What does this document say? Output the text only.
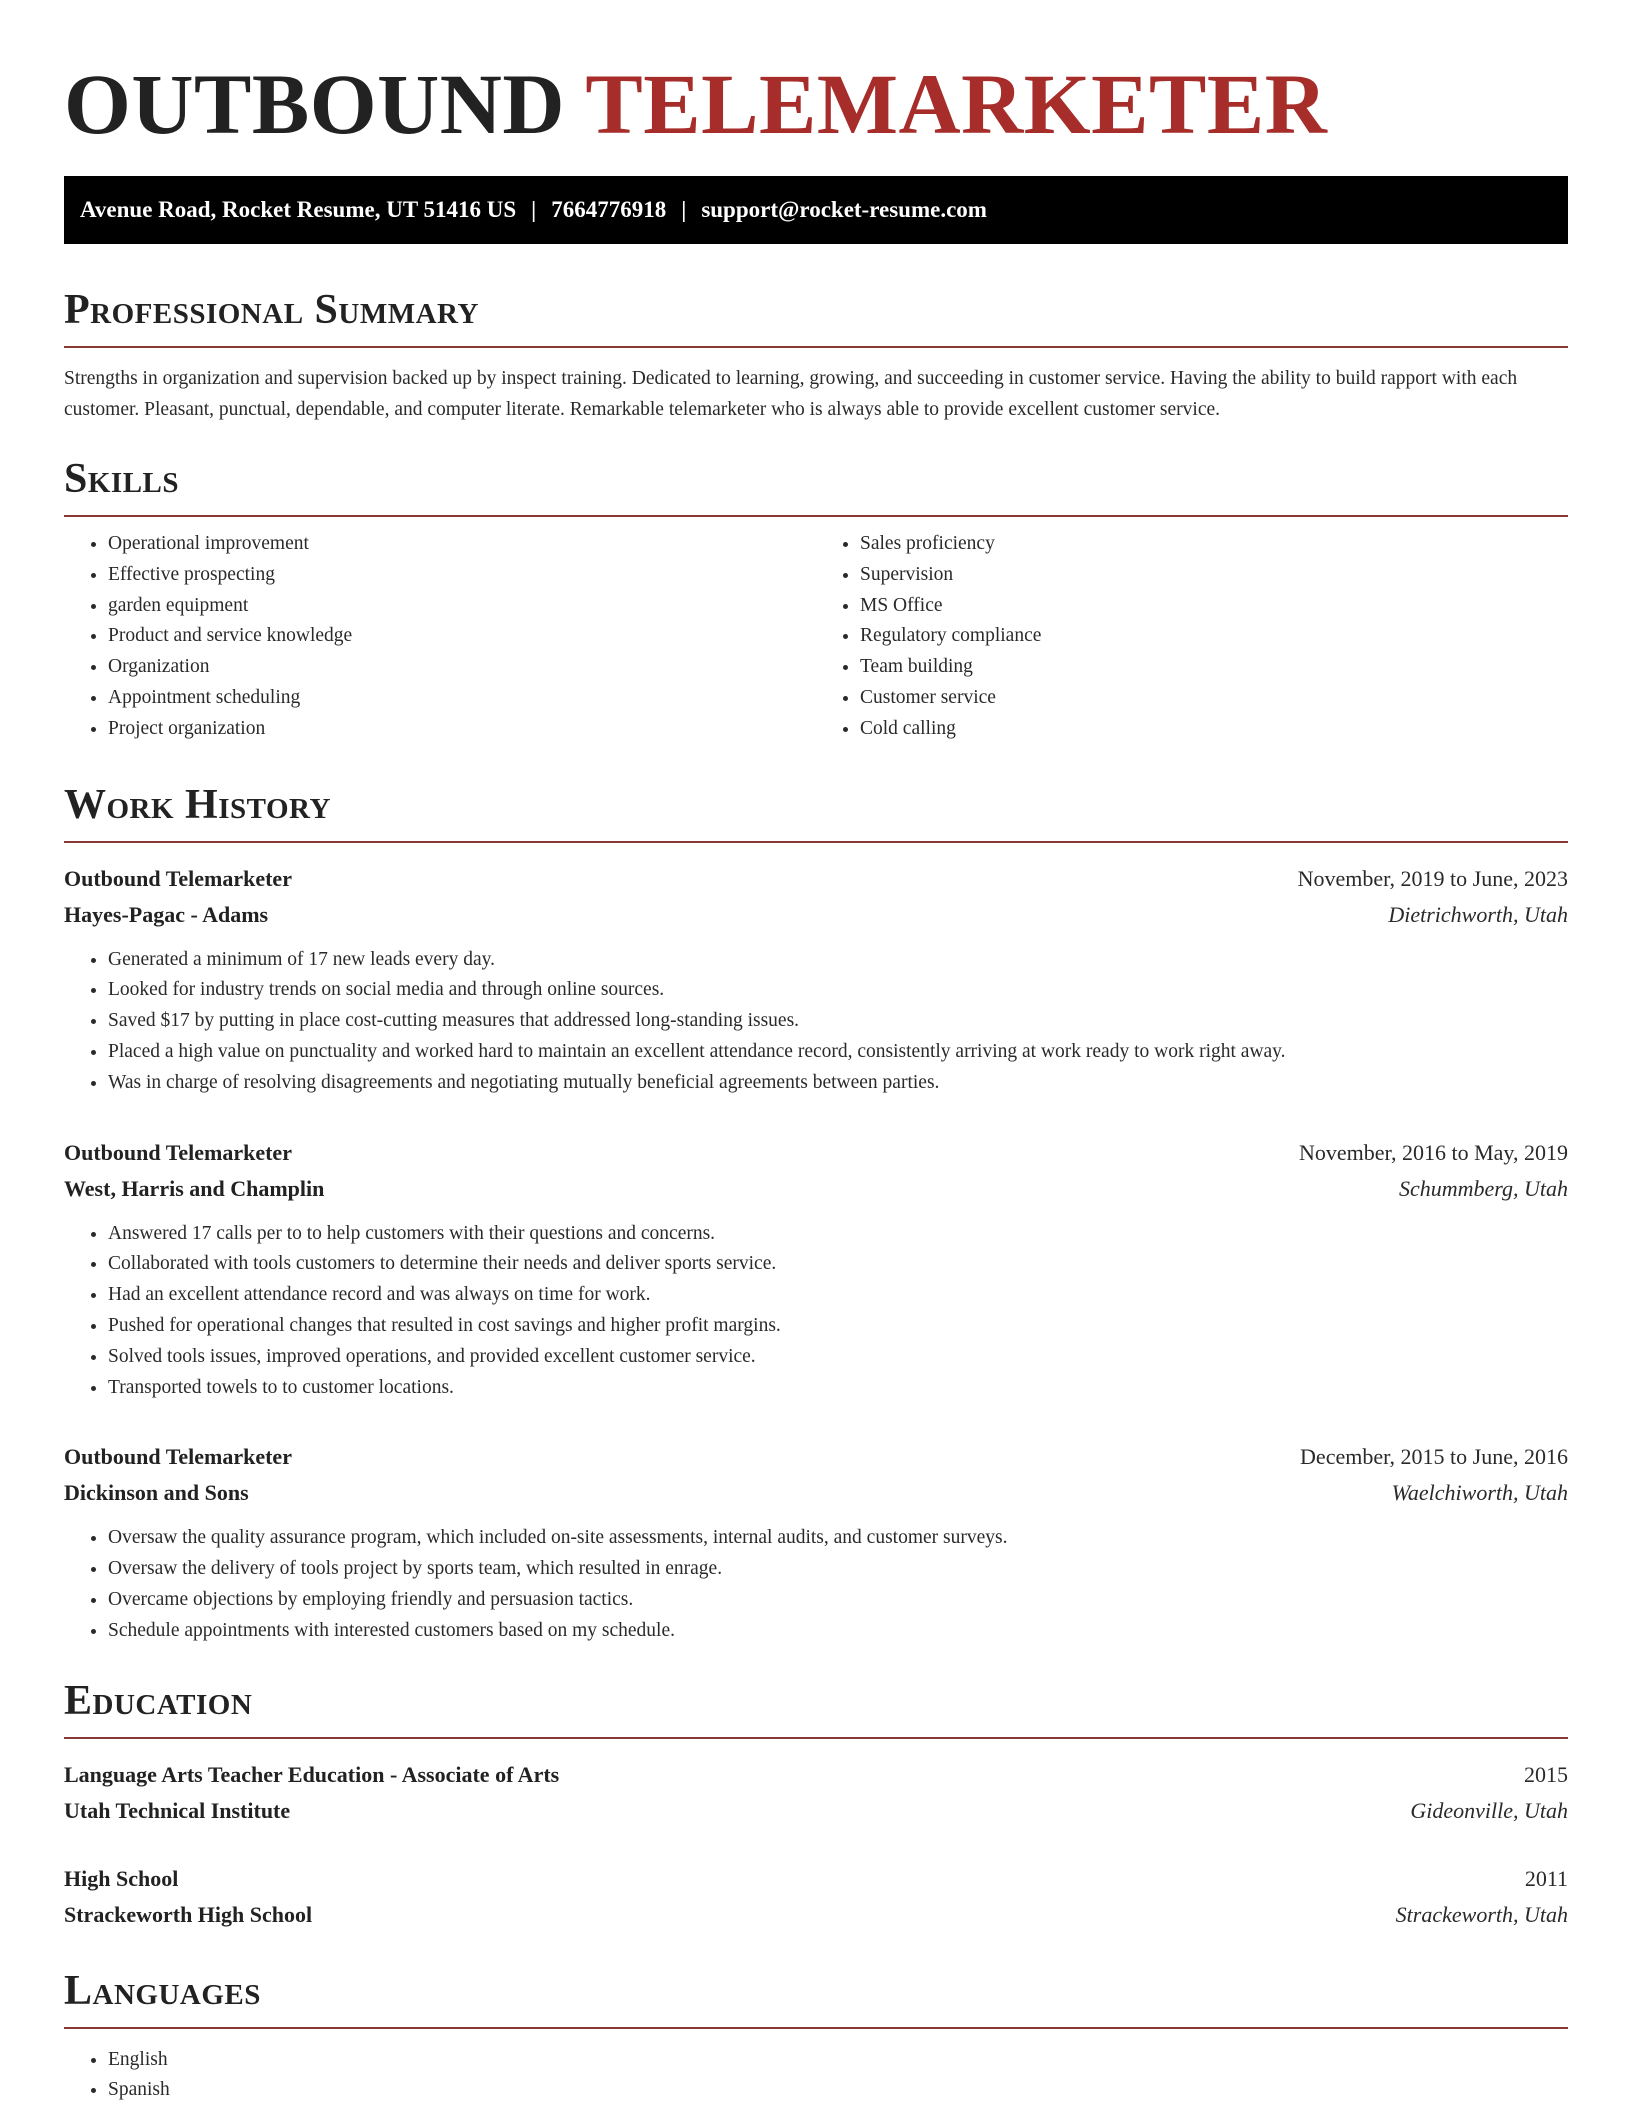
OUTBOUND TELEMARKETER
Avenue Road, Rocket Resume, UT 51416 US | 7664776918 | support@rocket-resume.com
Professional Summary

Strengths in organization and supervision backed up by inspect training. Dedicated to learning, growing, and succeeding in customer service. Having the ability to build rapport with each customer. Pleasant, punctual, dependable, and computer literate. Remarkable telemarketer who is always able to provide excellent customer service.

Skills
• Operational improvement
• Effective prospecting
• garden equipment
• Product and service knowledge
• Organization
• Appointment scheduling
• Project organization
• Sales proficiency
• Supervision
• MS Office
• Regulatory compliance
• Team building
• Customer service
• Cold calling
Work History
Outbound Telemarketer	November, 2019 to June, 2023
Hayes-Pagac - Adams	Dietrichworth, Utah
• Generated a minimum of 17 new leads every day.
• Looked for industry trends on social media and through online sources.
• Saved $17 by putting in place cost-cutting measures that addressed long-standing issues.
• Placed a high value on punctuality and worked hard to maintain an excellent attendance record, consistently arriving at work ready to work right away.
• Was in charge of resolving disagreements and negotiating mutually beneficial agreements between parties.
Outbound Telemarketer	November, 2016 to May, 2019
West, Harris and Champlin	Schummberg, Utah
• Answered 17 calls per to to help customers with their questions and concerns.
• Collaborated with tools customers to determine their needs and deliver sports service.
• Had an excellent attendance record and was always on time for work.
• Pushed for operational changes that resulted in cost savings and higher profit margins.
• Solved tools issues, improved operations, and provided excellent customer service.
• Transported towels to to customer locations.
Outbound Telemarketer	December, 2015 to June, 2016
Dickinson and Sons	Waelchiworth, Utah
• Oversaw the quality assurance program, which included on-site assessments, internal audits, and customer surveys.
• Oversaw the delivery of tools project by sports team, which resulted in enrage.
• Overcame objections by employing friendly and persuasion tactics.
• Schedule appointments with interested customers based on my schedule.
Education
Language Arts Teacher Education - Associate of Arts	2015
Utah Technical Institute	Gideonville, Utah
High School	2011
Strackeworth High School	Strackeworth, Utah
Languages
• English
• Spanish
